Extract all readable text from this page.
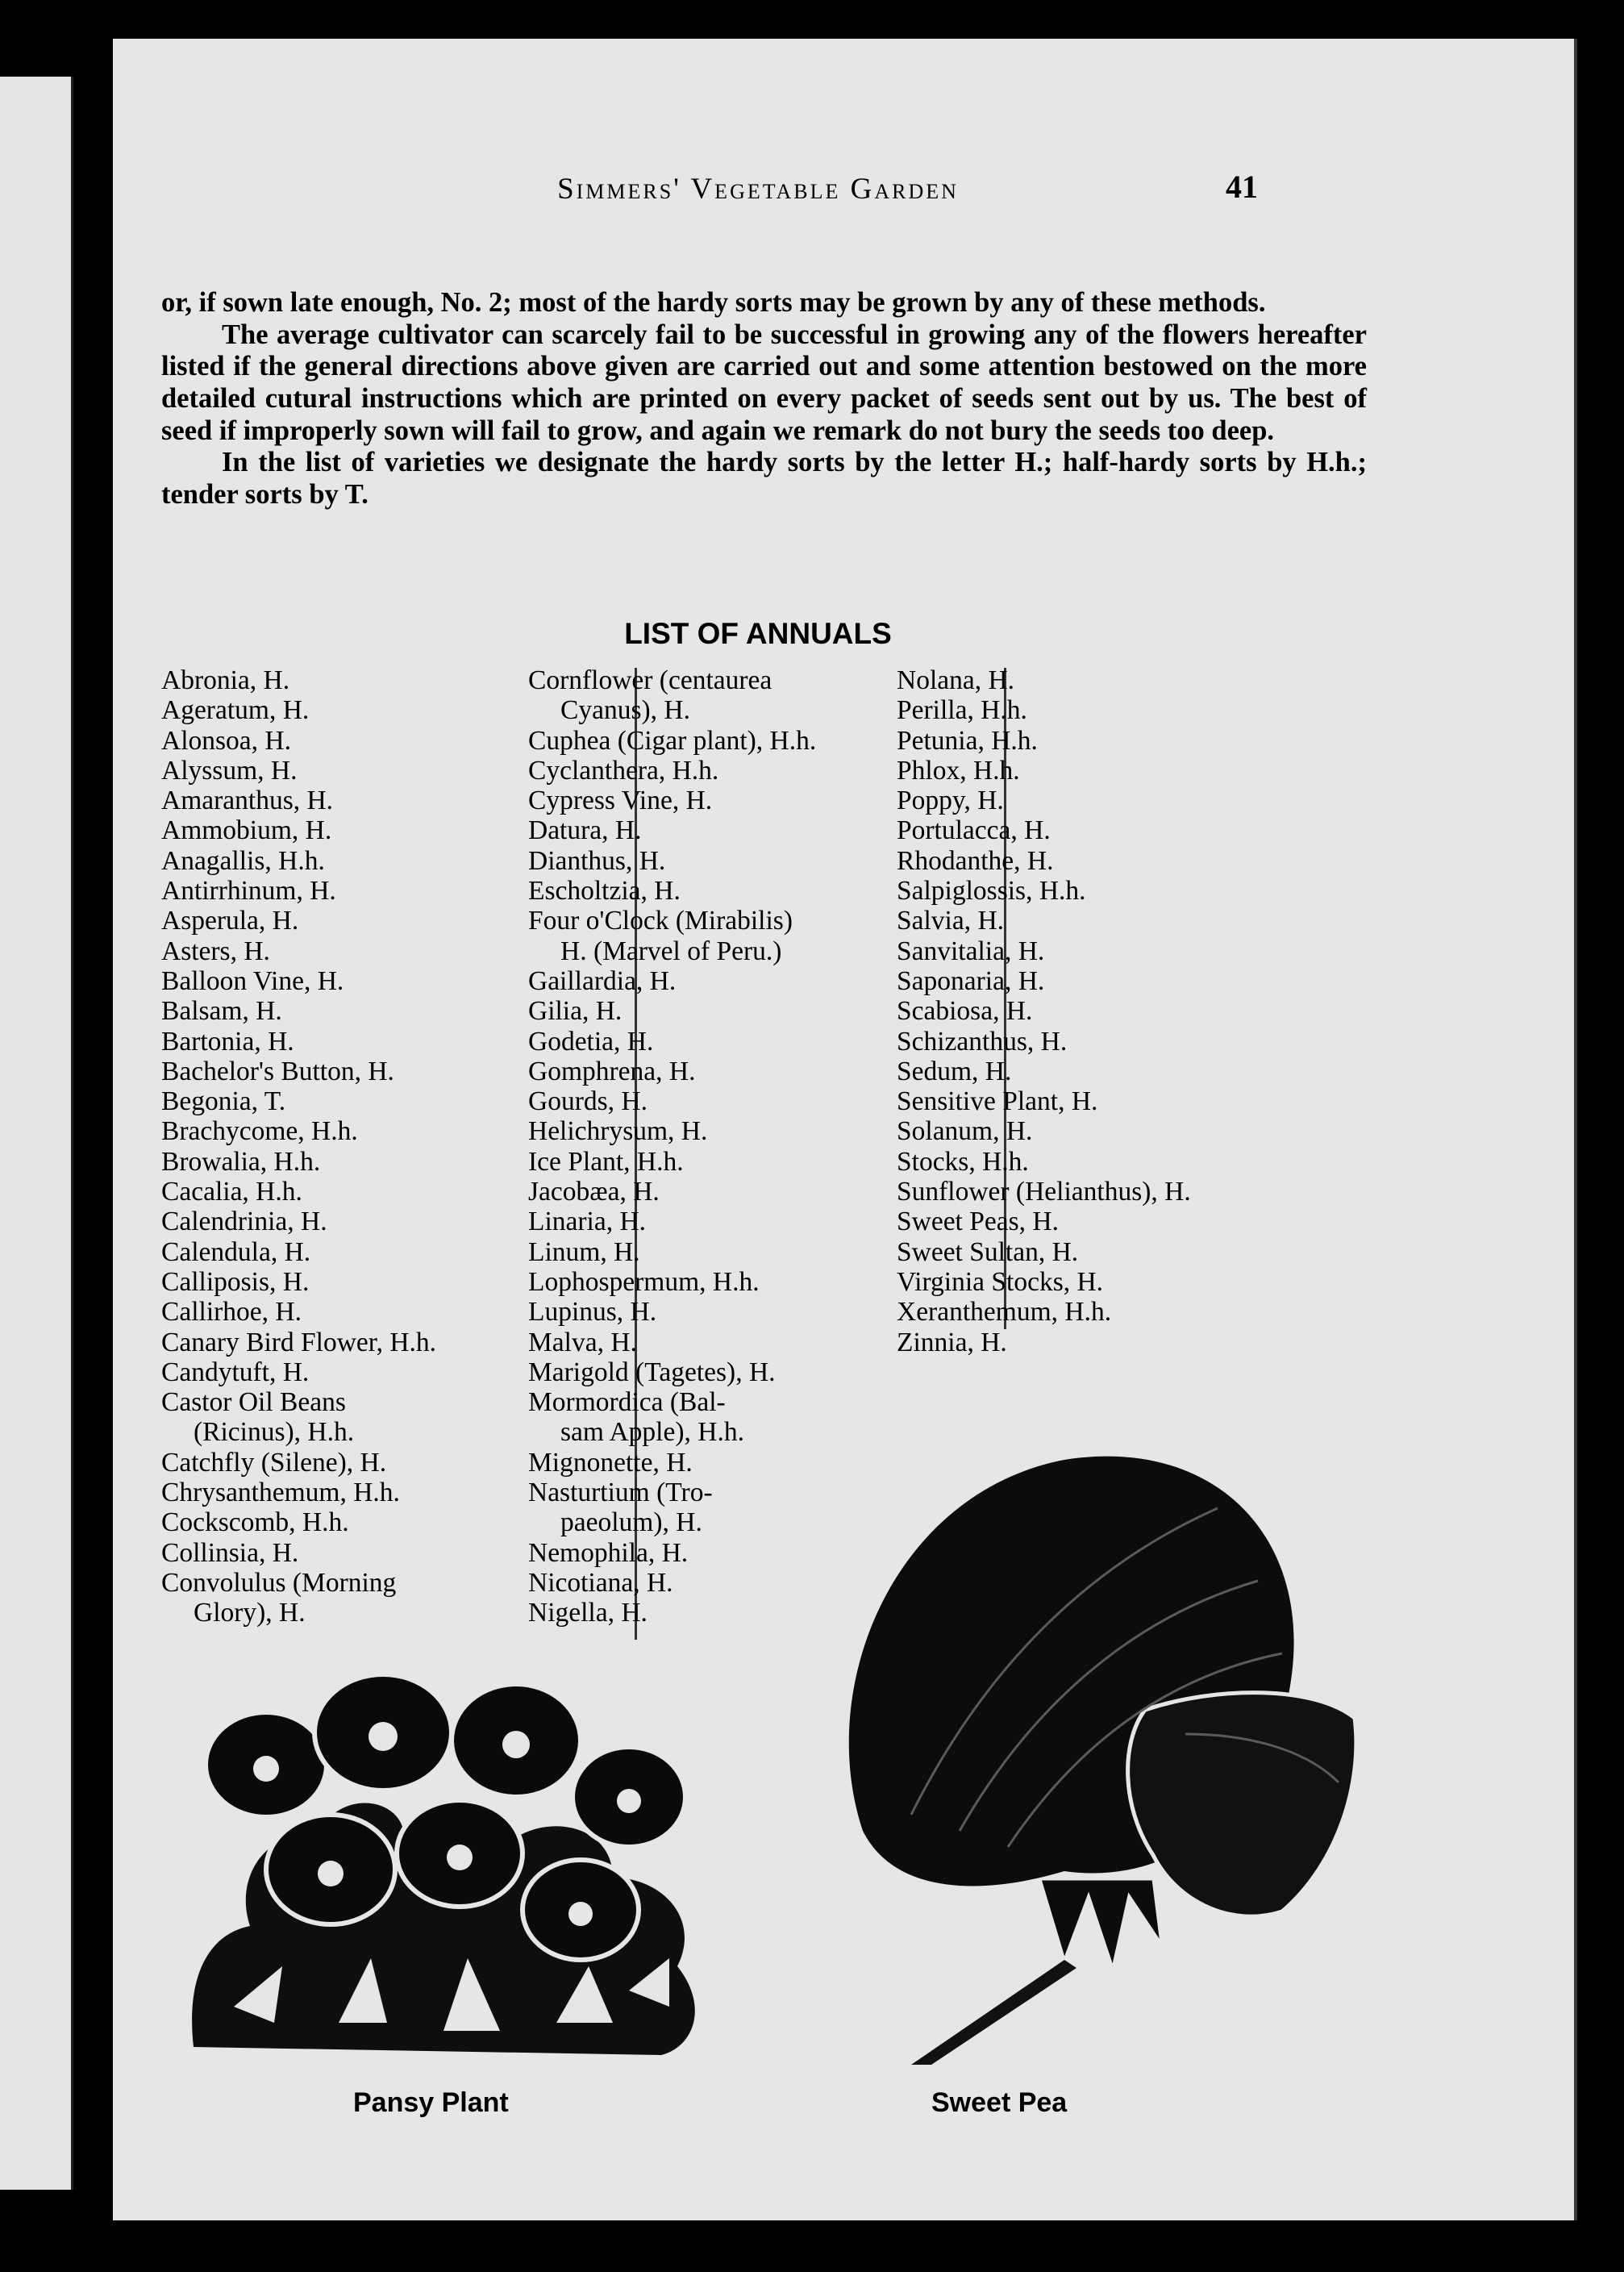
Simmers' Vegetable Garden	41

or, if sown late enough, No. 2; most of the hardy sorts may be grown by any of these methods.

The average cultivator can scarcely fail to be successful in growing any of the flowers hereafter listed if the general directions above given are carried out and some attention bestowed on the more detailed cutural instructions which are printed on every packet of seeds sent out by us. The best of seed if improperly sown will fail to grow, and again we remark do not bury the seeds too deep.

In the list of varieties we designate the hardy sorts by the letter H.; half-hardy sorts by H.h.; tender sorts by T.

LIST OF ANNUALS
Abronia, H.
Ageratum, H.
Alonsoa, H.
Alyssum, H.
Amaranthus, H.
Ammobium, H.
Anagallis, H.h.
Antirrhinum, H.
Asperula, H.
Asters, H.
Balloon Vine, H.
Balsam, H.
Bartonia, H.
Bachelor's Button, H.
Begonia, T.
Brachycome, H.h.
Browalia, H.h.
Cacalia, H.h.
Calendrinia, H.
Calendula, H.
Calliposis, H.
Callirhoe, H.
Canary Bird Flower, H.h.
Candytuft, H.
Castor Oil Beans
(Ricinus), H.h.
Catchfly (Silene), H.
Chrysanthemum, H.h.
Cockscomb, H.h.
Collinsia, H.
Convolulus (Morning
Glory), H.
Cornflower (centaurea
Cyanus), H.
Cuphea (Cigar plant), H.h.
Cyclanthera, H.h.
Cypress Vine, H.
Datura, H.
Dianthus, H.
Escholtzia, H.
Four o'Clock (Mirabilis)
H. (Marvel of Peru.)
Gaillardia, H.
Gilia, H.
Godetia, H.
Gomphrena, H.
Gourds, H.
Helichrysum, H.
Ice Plant, H.h.
Jacobæa, H.
Linaria, H.
Linum, H.
Lophospermum, H.h.
Lupinus, H.
Malva, H.
Marigold (Tagetes), H.
Mormordica (Bal-
sam Apple), H.h.
Mignonette, H.
Nasturtium (Tro-
paeolum), H.
Nemophila, H.
Nicotiana, H.
Nigella, H.
Nolana, H.
Perilla, H.h.
Petunia, H.h.
Phlox, H.h.
Poppy, H.
Portulacca, H.
Rhodanthe, H.
Salpiglossis, H.h.
Salvia, H.
Sanvitalia, H.
Saponaria, H.
Scabiosa, H.
Schizanthus, H.
Sedum, H.
Sensitive Plant, H.
Solanum, H.
Stocks, H.h.
Sunflower (Helianthus), H.
Sweet Peas, H.
Sweet Sultan, H.
Virginia Stocks, H.
Xeranthemum, H.h.
Zinnia, H.
Pansy Plant	Sweet Pea
